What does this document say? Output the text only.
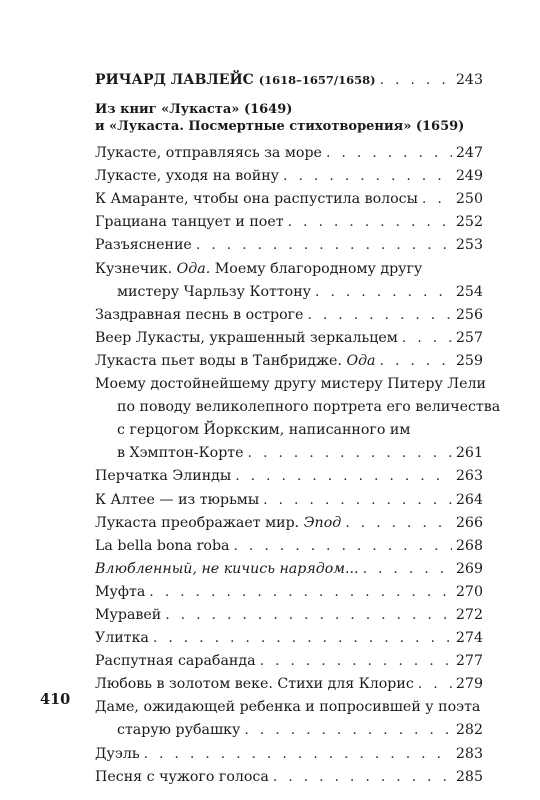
РИЧАРД ЛАВЛЕЙС (1618–1657/1658) . . .	243
Из книг «Лукаста» (1649)
и «Лукаста. Посмертные стихотворения» (1659)
Лукасте, отправляясь за море . . .	247
Лукасте, уходя на войну . . .	249
К Амаранте, чтобы она распустила волосы . . .	250
Грациана танцует и поет . . .	252
Разъяснение . . .	253
Кузнечик. Ода. Моему благородному другу
мистеру Чарльзу Коттону . . .	254
Заздравная песнь в остроге . . .	256
Веер Лукасты, украшенный зеркальцем . . .	257
Лукаста пьет воды в Танбридже. Ода . . .	259
Моему достойнейшему другу мистеру Питеру Лели
по поводу великолепного портрета его величества
с герцогом Йоркским, написанного им
в Хэмптон-Корте . . .	261
Перчатка Элинды . . .	263
К Алтее — из тюрьмы . . .	264
Лукаста преображает мир. Эпод . . .	266
La bella bona roba . . .	268
Влюбленный, не кичись нарядом... . . .	269
Муфта . . .	270
Муравей . . .	272
Улитка . . .	274
Распутная сарабанда . . .	277
Любовь в золотом веке. Стихи для Клорис . . .	279
Даме, ожидающей ребенка и попросившей у поэта
старую рубашку . . .	282
Дуэль . . .	283
Песня с чужого голоса . . .	285
410
